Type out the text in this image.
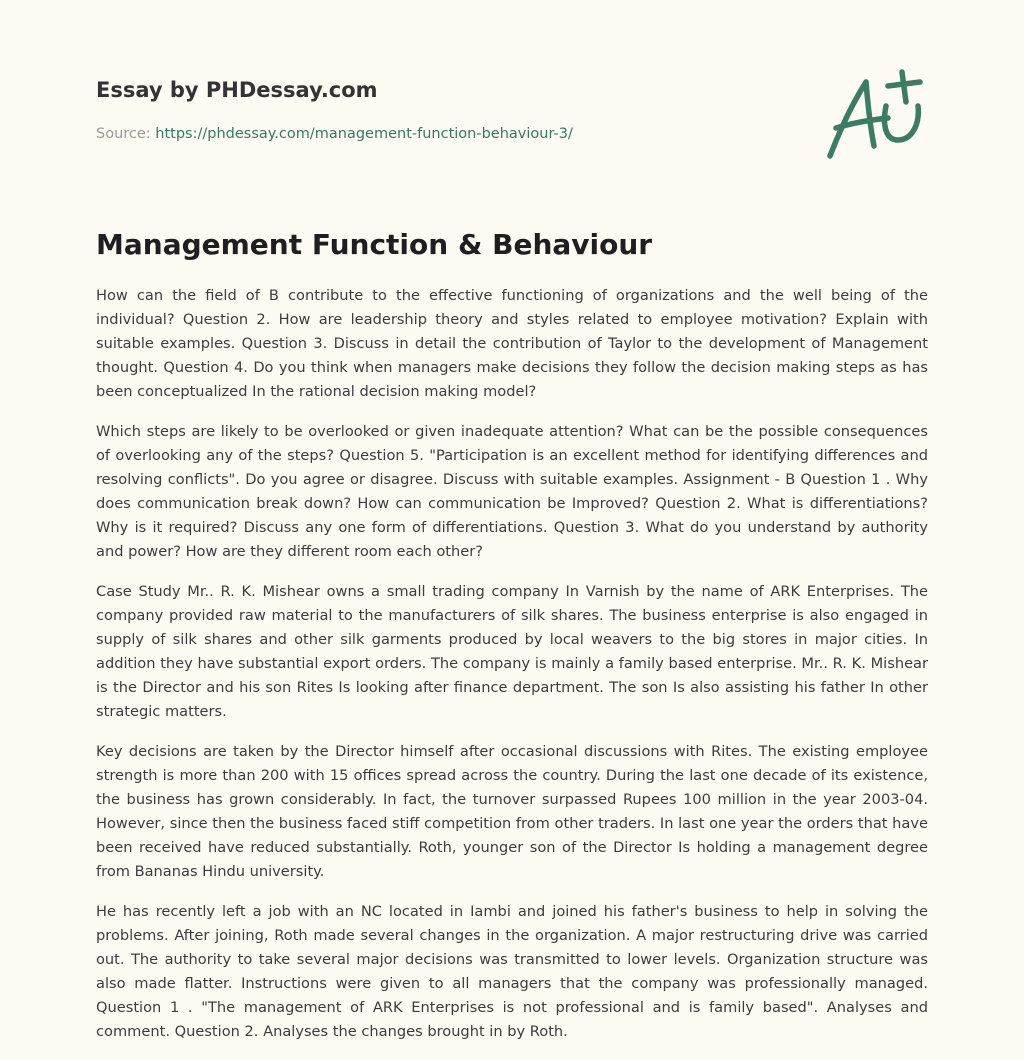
Essay by PHDessay.com
Source: https://phdessay.com/management-function-behaviour-3/
Management Function & Behaviour

How can the field of B contribute to the effective functioning of organizations and the well being of the individual? Question 2. How are leadership theory and styles related to employee motivation? Explain with suitable examples. Question 3. Discuss in detail the contribution of Taylor to the development of Management thought. Question 4. Do you think when managers make decisions they follow the decision making steps as has been conceptualized In the rational decision making model?

Which steps are likely to be overlooked or given inadequate attention? What can be the possible consequences of overlooking any of the steps? Question 5. "Participation is an excellent method for identifying differences and resolving conflicts". Do you agree or disagree. Discuss with suitable examples. Assignment - B Question 1 . Why does communication break down? How can communication be Improved? Question 2. What is differentiations? Why is it required? Discuss any one form of differentiations. Question 3. What do you understand by authority and power? How are they different room each other?

Case Study Mr.. R. K. Mishear owns a small trading company In Varnish by the name of ARK Enterprises. The company provided raw material to the manufacturers of silk shares. The business enterprise is also engaged in supply of silk shares and other silk garments produced by local weavers to the big stores in major cities. In addition they have substantial export orders. The company is mainly a family based enterprise. Mr.. R. K. Mishear is the Director and his son Rites Is looking after finance department. The son Is also assisting his father In other strategic matters.

Key decisions are taken by the Director himself after occasional discussions with Rites. The existing employee strength is more than 200 with 15 offices spread across the country. During the last one decade of its existence, the business has grown considerably. In fact, the turnover surpassed Rupees 100 million in the year 2003-04. However, since then the business faced stiff competition from other traders. In last one year the orders that have been received have reduced substantially. Roth, younger son of the Director Is holding a management degree from Bananas Hindu university.

He has recently left a job with an NC located in Iambi and joined his father's business to help in solving the problems. After joining, Roth made several changes in the organization. A major restructuring drive was carried out. The authority to take several major decisions was transmitted to lower levels. Organization structure was also made flatter. Instructions were given to all managers that the company was professionally managed. Question 1 . "The management of ARK Enterprises is not professional and is family based". Analyses and comment. Question 2. Analyses the changes brought in by Roth.
